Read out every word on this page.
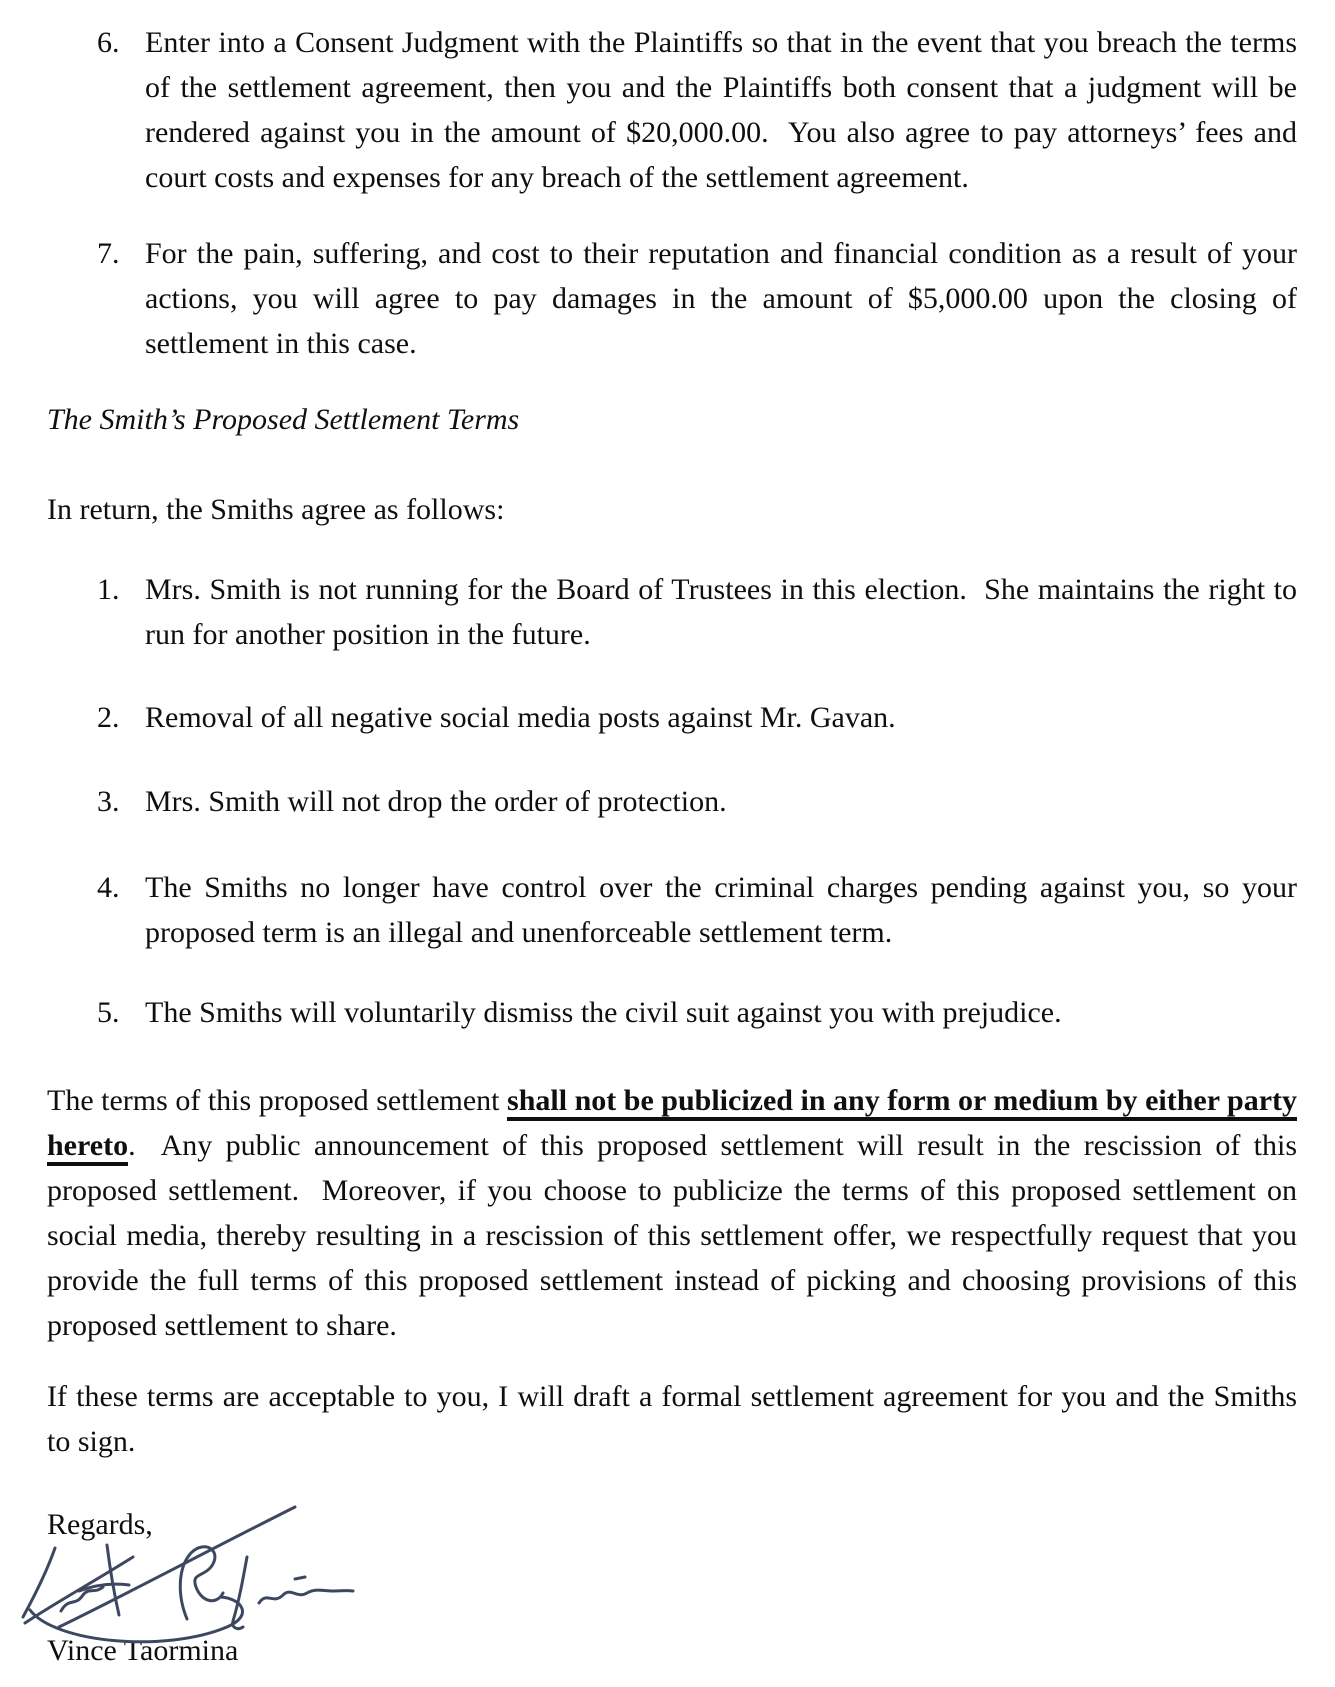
6. Enter into a Consent Judgment with the Plaintiffs so that in the event that you breach the terms of the settlement agreement, then you and the Plaintiffs both consent that a judgment will be rendered against you in the amount of $20,000.00.  You also agree to pay attorneys’ fees and court costs and expenses for any breach of the settlement agreement.
7. For the pain, suffering, and cost to their reputation and financial condition as a result of your actions, you will agree to pay damages in the amount of $5,000.00 upon the closing of settlement in this case.
The Smith’s Proposed Settlement Terms

In return, the Smiths agree as follows:

1. Mrs. Smith is not running for the Board of Trustees in this election.  She maintains the right to run for another position in the future.
2. Removal of all negative social media posts against Mr. Gavan.
3. Mrs. Smith will not drop the order of protection.
4. The Smiths no longer have control over the criminal charges pending against you, so your proposed term is an illegal and unenforceable settlement term.
5. The Smiths will voluntarily dismiss the civil suit against you with prejudice.

The terms of this proposed settlement shall not be publicized in any form or medium by either party hereto.  Any public announcement of this proposed settlement will result in the rescission of this proposed settlement.  Moreover, if you choose to publicize the terms of this proposed settlement on social media, thereby resulting in a rescission of this settlement offer, we respectfully request that you provide the full terms of this proposed settlement instead of picking and choosing provisions of this proposed settlement to share.

If these terms are acceptable to you, I will draft a formal settlement agreement for you and the Smiths to sign.

Regards,

Vince Taormina
